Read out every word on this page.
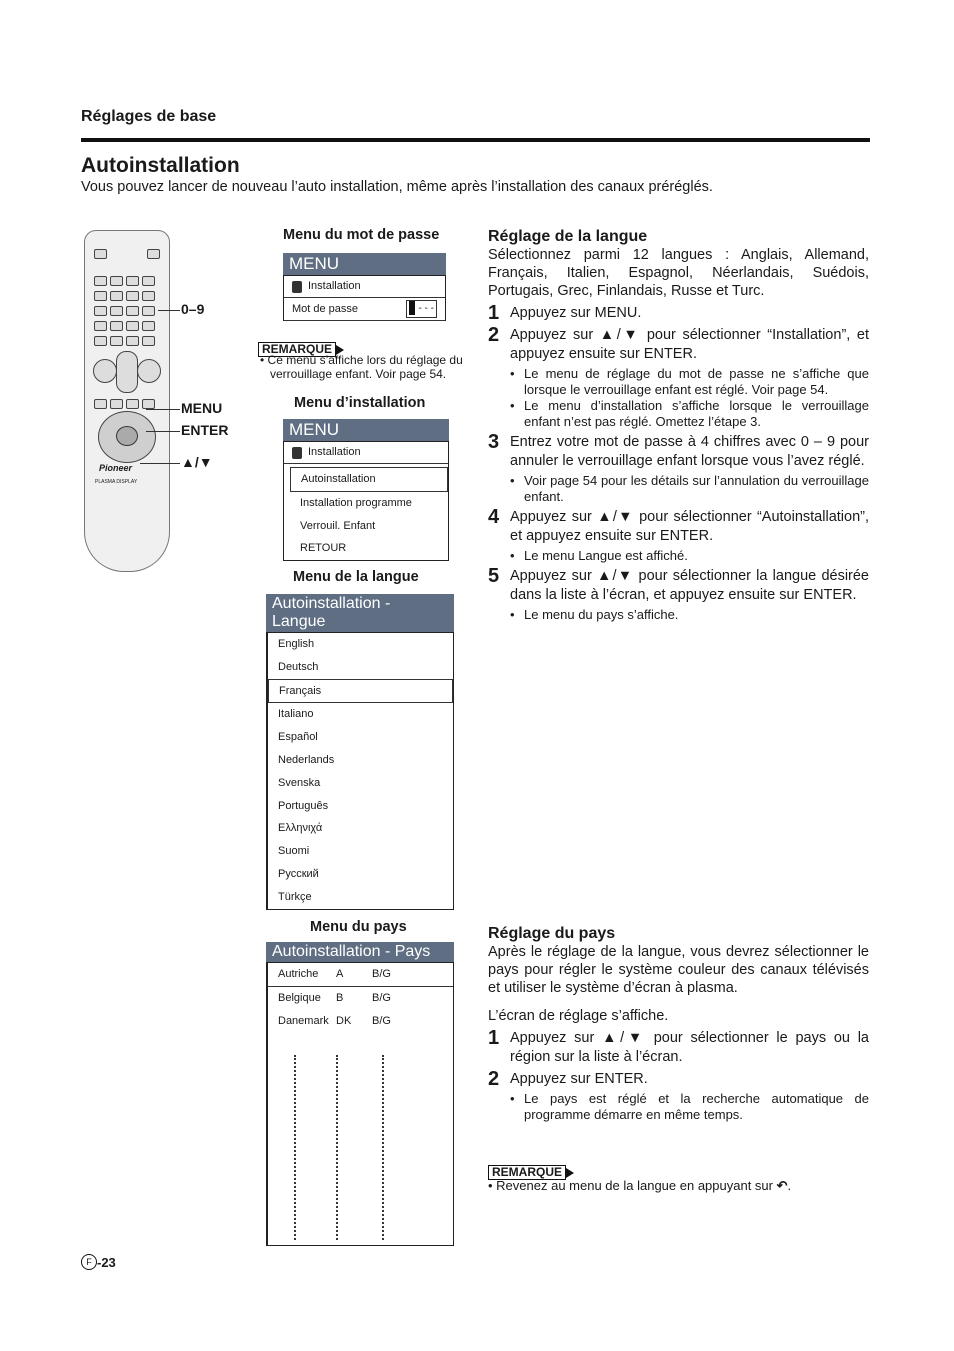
Réglages de base
Autoinstallation
Vous pouvez lancer de nouveau l’auto installation, même après l’installation des canaux préréglés.
Pioneer
PLASMA DISPLAY
0–9
MENU
ENTER
▲/▼
Menu du mot de passe
MENU
Installation
Mot de passe	- - -
REMARQUE
• Ce menu s’affiche lors du réglage du verrouillage enfant. Voir page 54.
Menu d’installation
MENU
Installation
Autoinstallation
Installation programme
Verrouil. Enfant
RETOUR
Menu de la langue
Autoinstallation - Langue
English
Deutsch
Français
Italiano
Español
Nederlands
Svenska
Português
Ελληνιχά
Suomi
Русский
Türkçe
Menu du pays
Autoinstallation - Pays
Autriche	A	B/G
Belgique	B	B/G
Danemark DK	B/G
Réglage de la langue
Sélectionnez parmi 12 langues : Anglais, Allemand, Français, Italien, Espagnol, Néerlandais, Suédois, Portugais, Grec, Finlandais, Russe et Turc.
1 Appuyez sur MENU.
2 Appuyez sur ▲/▼ pour sélectionner “Installation”, et appuyez ensuite sur ENTER.
• Le menu de réglage du mot de passe ne s’affiche que lorsque le verrouillage enfant est réglé. Voir page 54.
• Le menu d’installation s’affiche lorsque le verrouillage enfant n’est pas réglé. Omettez l’étape 3.
3 Entrez votre mot de passe à 4 chiffres avec 0 – 9 pour annuler le verrouillage enfant lorsque vous l’avez réglé.
• Voir page 54 pour les détails sur l’annulation du verrouillage enfant.
4 Appuyez sur ▲/▼ pour sélectionner “Autoinstallation”, et appuyez ensuite sur ENTER.
• Le menu Langue est affiché.
5 Appuyez sur ▲/▼ pour sélectionner la langue désirée dans la liste à l’écran, et appuyez ensuite sur ENTER.
• Le menu du pays s’affiche.
Réglage du pays
Après le réglage de la langue, vous devrez sélectionner le pays pour régler le système couleur des canaux télévisés et utiliser le système d’écran à plasma.
L’écran de réglage s’affiche.
1 Appuyez sur ▲/▼ pour sélectionner le pays ou la région sur la liste à l’écran.
2 Appuyez sur ENTER.
• Le pays est réglé et la recherche automatique de programme démarre en même temps.
REMARQUE
• Revenez au menu de la langue en appuyant sur ↶.
F -23
